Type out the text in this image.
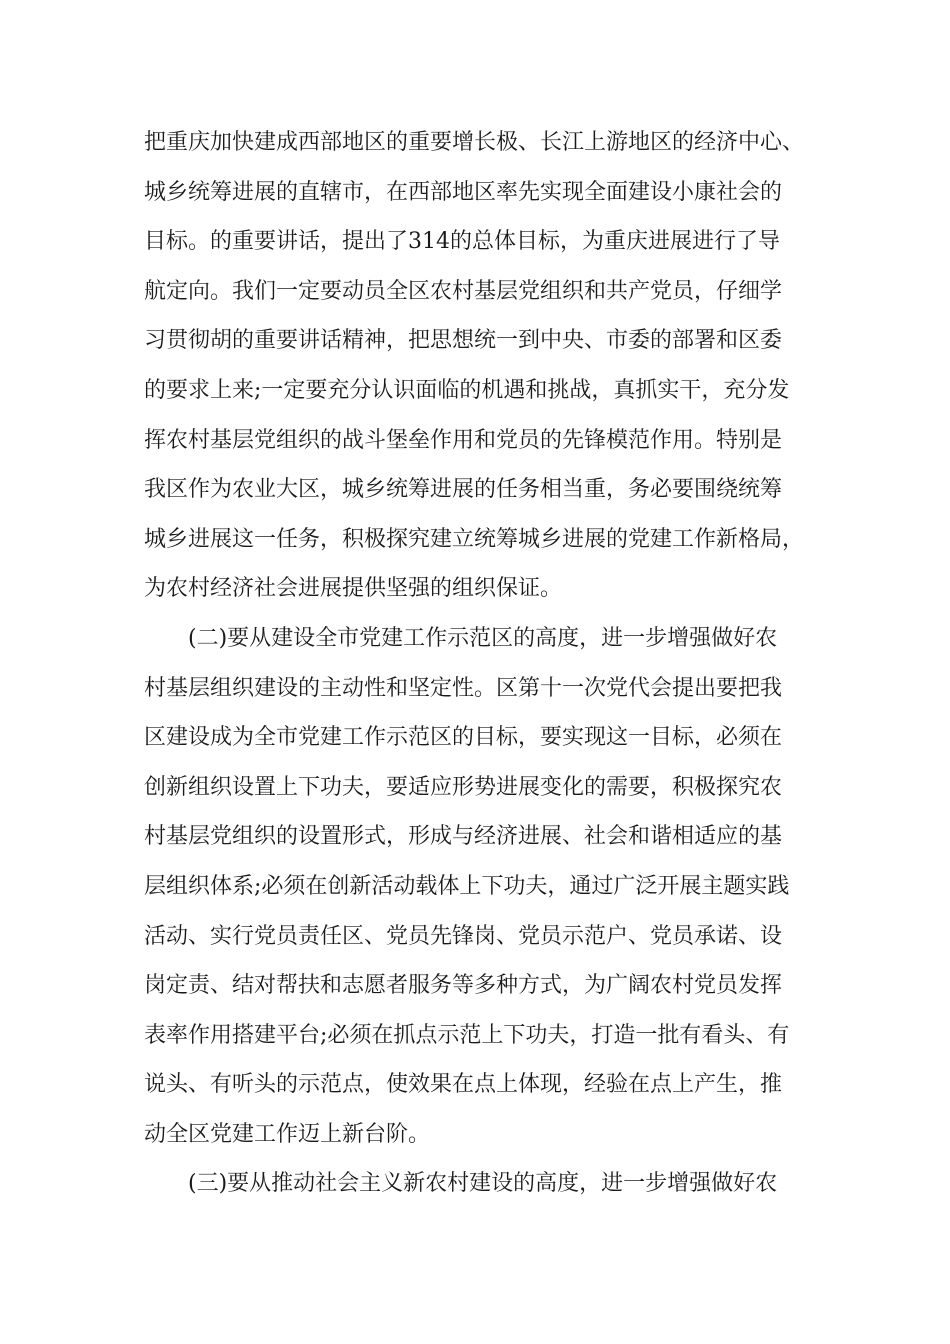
把重庆加快建成西部地区的重要增长极、长江上游地区的经济中心、
城乡统筹进展的直辖市，在西部地区率先实现全面建设小康社会的
目标。的重要讲话，提出了314的总体目标，为重庆进展进行了导
航定向。我们一定要动员全区农村基层党组织和共产党员，仔细学
习贯彻胡的重要讲话精神，把思想统一到中央、市委的部署和区委
的要求上来;一定要充分认识面临的机遇和挑战，真抓实干，充分发
挥农村基层党组织的战斗堡垒作用和党员的先锋模范作用。特别是
我区作为农业大区，城乡统筹进展的任务相当重，务必要围绕统筹
城乡进展这一任务，积极探究建立统筹城乡进展的党建工作新格局，
为农村经济社会进展提供坚强的组织保证。
(二)要从建设全市党建工作示范区的高度，进一步增强做好农
村基层组织建设的主动性和坚定性。区第十一次党代会提出要把我
区建设成为全市党建工作示范区的目标，要实现这一目标，必须在
创新组织设置上下功夫，要适应形势进展变化的需要，积极探究农
村基层党组织的设置形式，形成与经济进展、社会和谐相适应的基
层组织体系;必须在创新活动载体上下功夫，通过广泛开展主题实践
活动、实行党员责任区、党员先锋岗、党员示范户、党员承诺、设
岗定责、结对帮扶和志愿者服务等多种方式，为广阔农村党员发挥
表率作用搭建平台;必须在抓点示范上下功夫，打造一批有看头、有
说头、有听头的示范点，使效果在点上体现，经验在点上产生，推
动全区党建工作迈上新台阶。
(三)要从推动社会主义新农村建设的高度，进一步增强做好农
